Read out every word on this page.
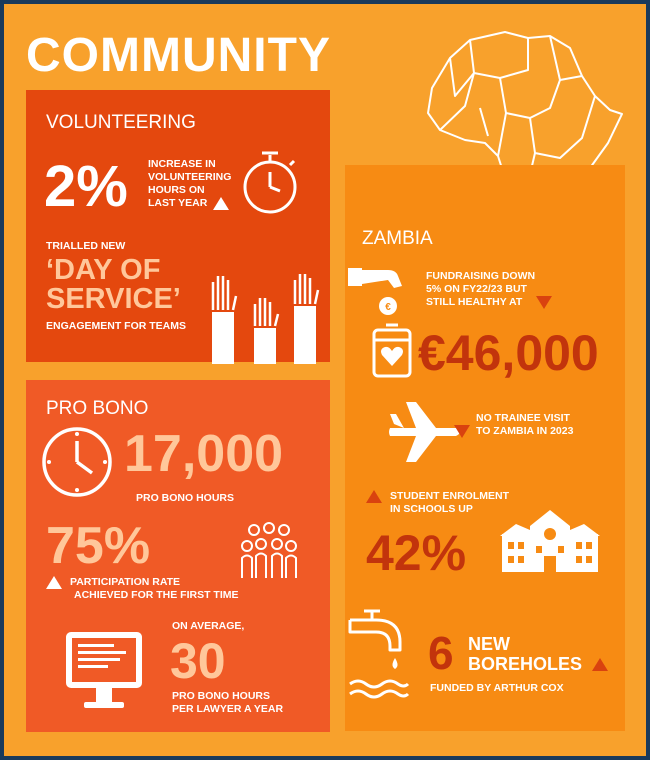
COMMUNITY
VOLUNTEERING
2% INCREASE IN
VOLUNTEERING
HOURS ON
LAST YEAR
TRIALLED NEW
‘DAY OF
SERVICE’
ENGAGEMENT FOR TEAMS
PRO BONO
17,000
PRO BONO HOURS
75%
PARTICIPATION RATE
ACHIEVED FOR THE FIRST TIME
ON AVERAGE,
30
PRO BONO HOURS
PER LAWYER A YEAR
ZAMBIA
€
FUNDRAISING DOWN
5% ON FY22/23 BUT
STILL HEALTHY AT
€46,000
NO TRAINEE VISIT
TO ZAMBIA IN 2023
STUDENT ENROLMENT
IN SCHOOLS UP
42%
6 NEW
BOREHOLES
FUNDED BY ARTHUR COX
